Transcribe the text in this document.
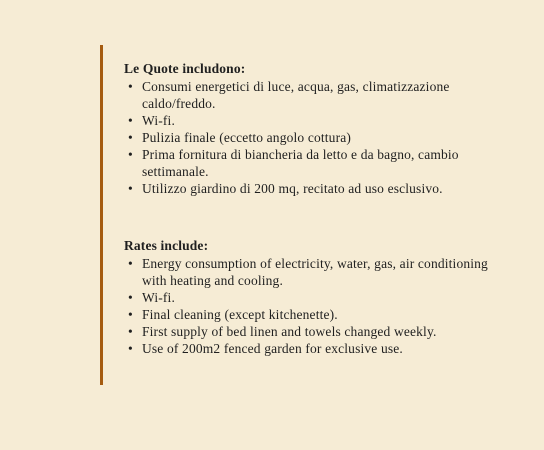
Le Quote includono:
• Consumi energetici di luce, acqua, gas, climatizzazione
caldo/freddo.
• Wi-fi.
• Pulizia finale (eccetto angolo cottura)
• Prima fornitura di biancheria da letto e da bagno, cambio
settimanale.
• Utilizzo giardino di 200 mq, recitato ad uso esclusivo.
Rates include:
• Energy consumption of electricity, water, gas, air conditioning
with heating and cooling.
• Wi-fi.
• Final cleaning (except kitchenette).
• First supply of bed linen and towels changed weekly.
• Use of 200m2 fenced garden for exclusive use.
